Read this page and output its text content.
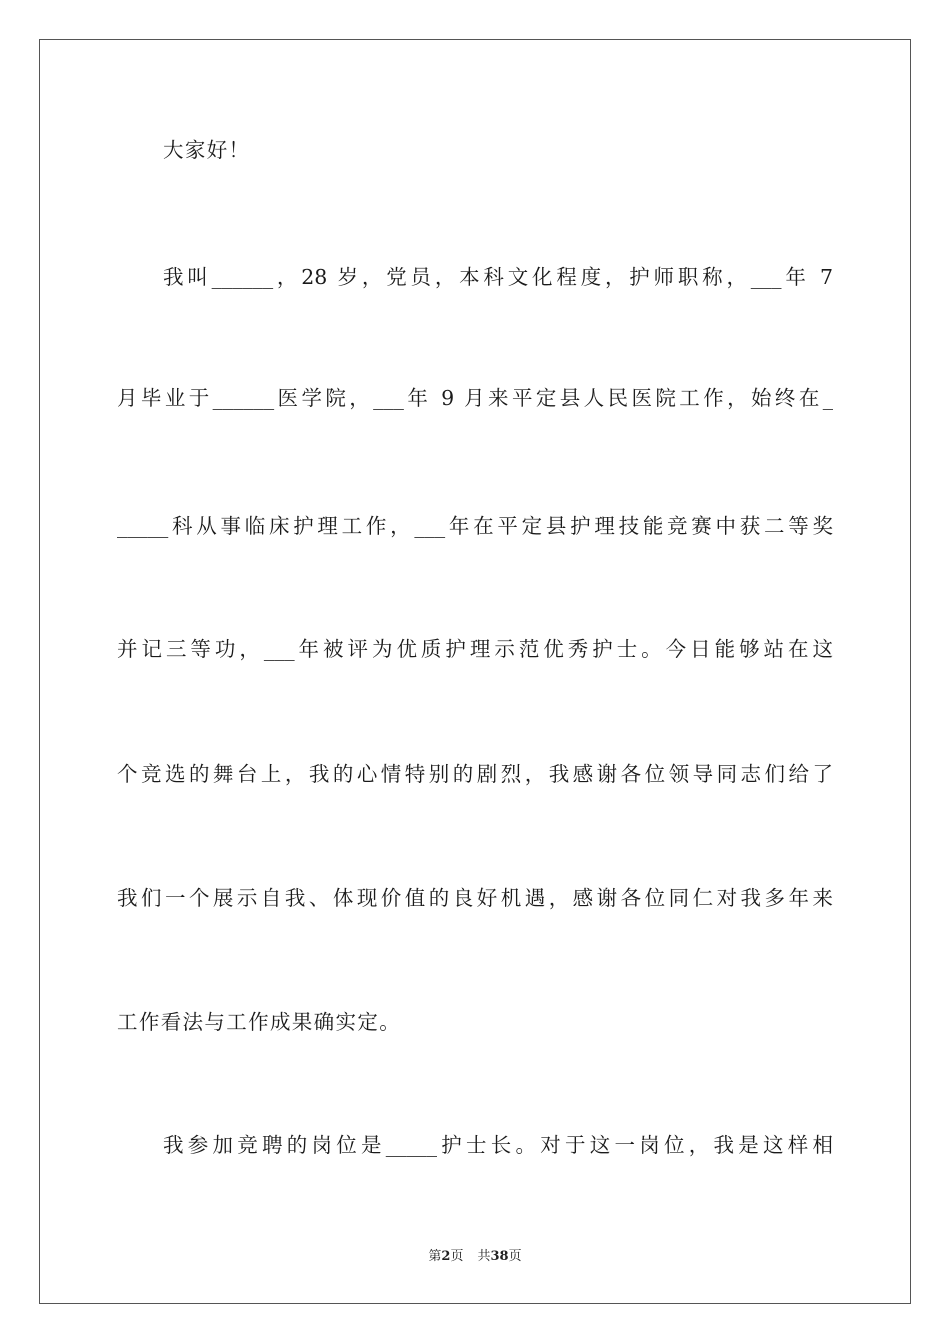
大家好！
我叫______，28 岁，党员，本科文化程度，护师职称，___年 7
月毕业于______医学院，___年 9 月来平定县人民医院工作，始终在_
_____科从事临床护理工作，___年在平定县护理技能竞赛中获二等奖
并记三等功，___年被评为优质护理示范优秀护士。今日能够站在这
个竞选的舞台上，我的心情特别的剧烈，我感谢各位领导同志们给了
我们一个展示自我、体现价值的良好机遇，感谢各位同仁对我多年来
工作看法与工作成果确实定。
我参加竞聘的岗位是_____护士长。对于这一岗位，我是这样相
第2页 共38页
